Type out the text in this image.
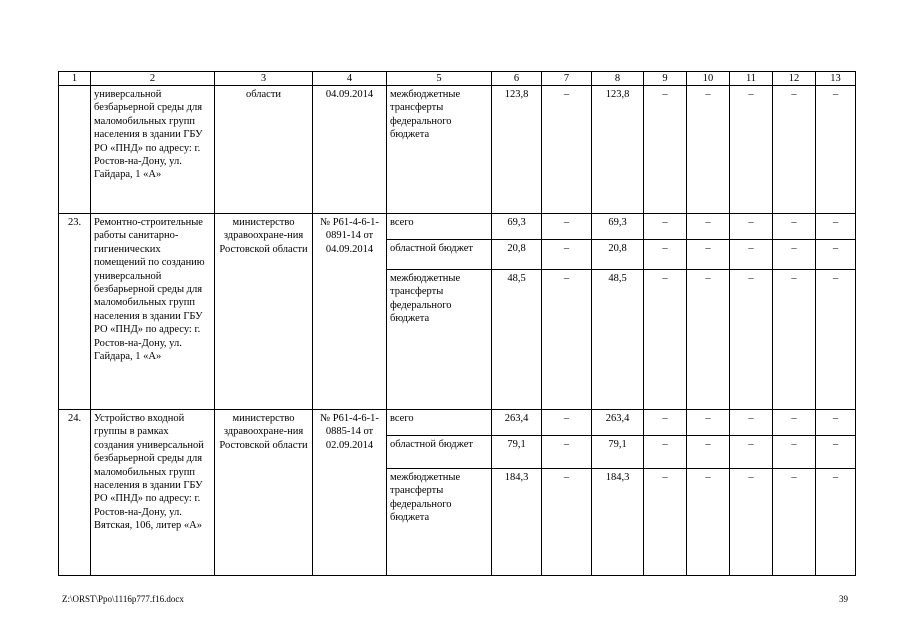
1	2	3	4	5	6	7	8	9	10	11	12	13
	универсальной безбарьерной среды для маломобильных групп населения в здании ГБУ РО «ПНД» по адресу: г. Ростов-на-Дону, ул. Гайдара, 1 «А»	области	04.09.2014	межбюджетные трансферты федерального бюджета	123,8	–	123,8	–	–	–	–	–
23.	Ремонтно-строительные работы санитарно-гигиенических помещений по созданию универсальной безбарьерной среды для маломобильных групп населения в здании ГБУ РО «ПНД» по адресу: г. Ростов-на-Дону, ул. Гайдара, 1 «А»	министерство здравоохране-ния Ростовской области	№ Р61-4-6-1-0891-14 от 04.09.2014	всего	69,3	–	69,3	–	–	–	–	–
				областной бюджет	20,8	–	20,8	–	–	–	–	–
				межбюджетные трансферты федерального бюджета	48,5	–	48,5	–	–	–	–	–
24.	Устройство входной группы в рамках создания универсальной безбарьерной среды для маломобильных групп населения в здании ГБУ РО «ПНД» по адресу: г. Ростов-на-Дону, ул. Вятская, 106, литер «А»	министерство здравоохране-ния Ростовской области	№ Р61-4-6-1-0885-14 от 02.09.2014	всего	263,4	–	263,4	–	–	–	–	–
				областной бюджет	79,1	–	79,1	–	–	–	–	–
				межбюджетные трансферты федерального бюджета	184,3	–	184,3	–	–	–	–	–
Z:\ORST\Ppo\1116p777.f16.docx	39
